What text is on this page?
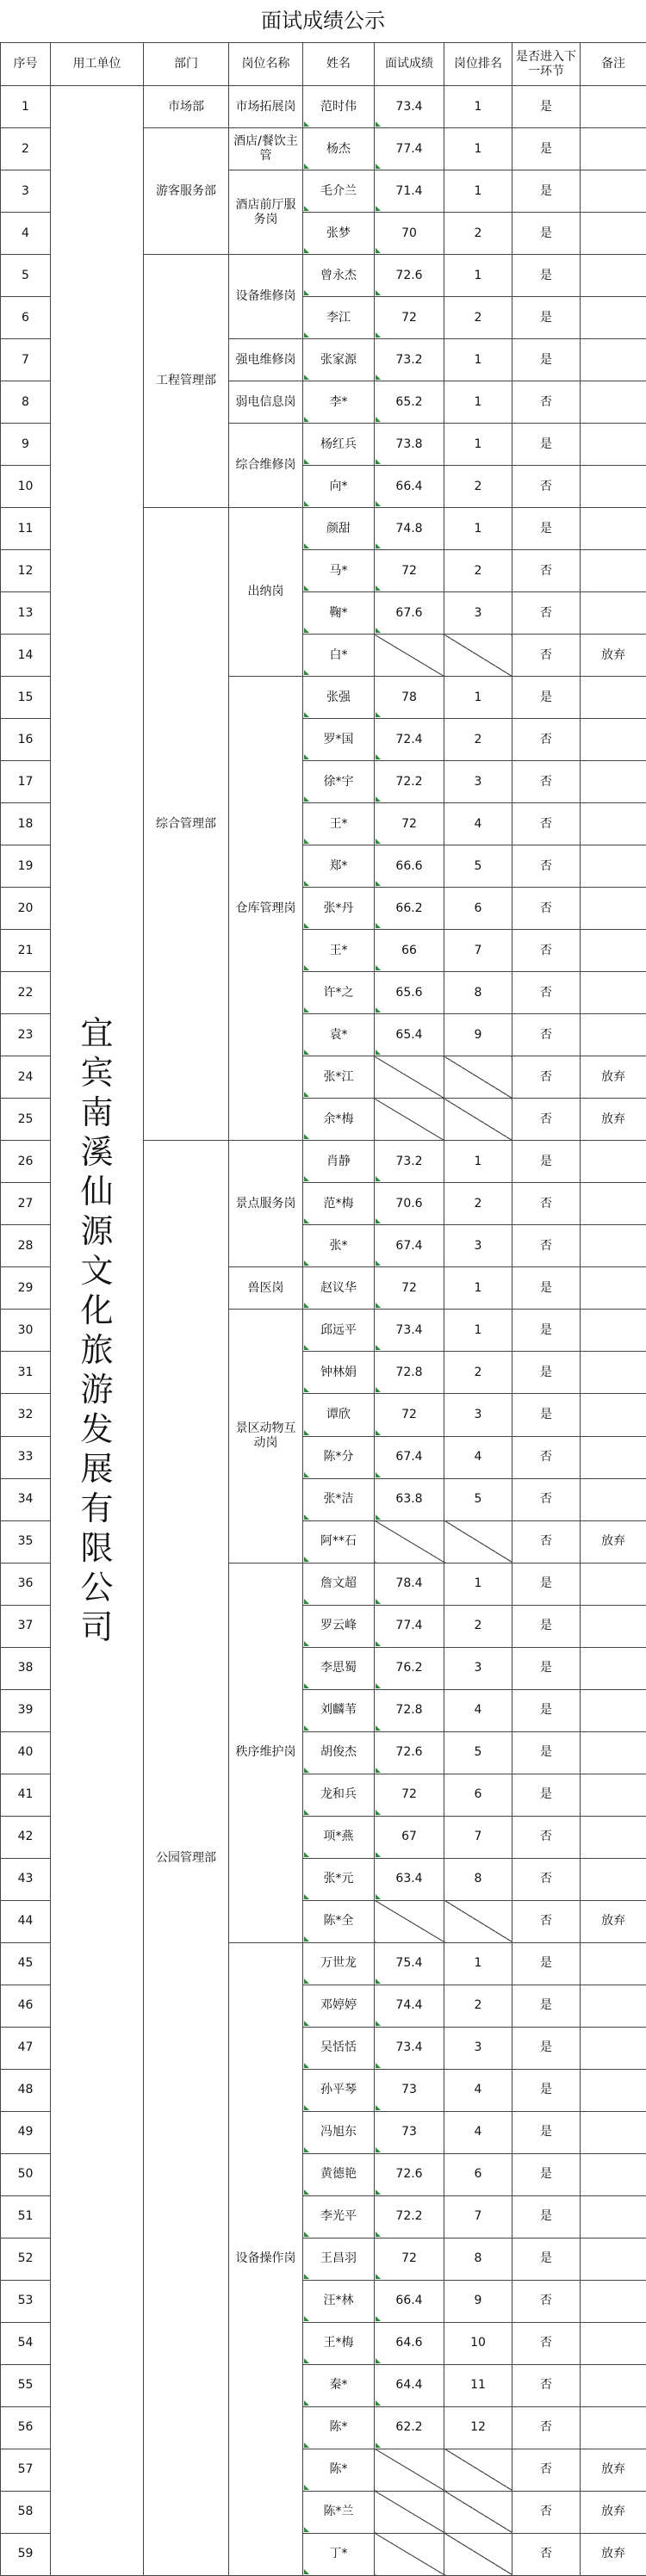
面试成绩公示
序号	用工单位	部门	岗位名称	姓名	面试成绩	岗位排名	是否进入下一环节	备注
1	宜宾南溪仙源文化旅游发展有限公司	市场部	市场拓展岗	范时伟	73.4	1	是	
2		游客服务部	酒店/餐饮主管	杨杰	77.4	1	是	
3			酒店前厅服务岗	毛介兰	71.4	1	是	
4				张梦	70	2	是	
5		工程管理部	设备维修岗	曾永杰	72.6	1	是	
6				李江	72	2	是	
7			强电维修岗	张家源	73.2	1	是	
8			弱电信息岗	李*	65.2	1	否	
9			综合维修岗	杨红兵	73.8	1	是	
10				向*	66.4	2	否	
11		综合管理部	出纳岗	颜甜	74.8	1	是	
12				马*	72	2	否	
13				鞠*	67.6	3	否	
14				白*			否	放弃
15			仓库管理岗	张强	78	1	是	
16				罗*国	72.4	2	否	
17				徐*宇	72.2	3	否	
18				王*	72	4	否	
19				郑*	66.6	5	否	
20				张*丹	66.2	6	否	
21				王*	66	7	否	
22				许*之	65.6	8	否	
23				袁*	65.4	9	否	
24				张*江			否	放弃
25				余*梅			否	放弃
26		公园管理部	景点服务岗	肖静	73.2	1	是	
27				范*梅	70.6	2	否	
28				张*	67.4	3	否	
29			兽医岗	赵议华	72	1	是	
30			景区动物互动岗	邱远平	73.4	1	是	
31				钟林娟	72.8	2	是	
32				谭欣	72	3	是	
33				陈*分	67.4	4	否	
34				张*洁	63.8	5	否	
35				阿**石			否	放弃
36			秩序维护岗	詹文超	78.4	1	是	
37				罗云峰	77.4	2	是	
38				李思蜀	76.2	3	是	
39				刘麟苇	72.8	4	是	
40				胡俊杰	72.6	5	是	
41				龙和兵	72	6	是	
42				项*燕	67	7	否	
43				张*元	63.4	8	否	
44				陈*全			否	放弃
45			设备操作岗	万世龙	75.4	1	是	
46				邓婷婷	74.4	2	是	
47				吴恬恬	73.4	3	是	
48				孙平琴	73	4	是	
49				冯旭东	73	4	是	
50				黄德艳	72.6	6	是	
51				李光平	72.2	7	是	
52				王昌羽	72	8	是	
53				汪*林	66.4	9	否	
54				王*梅	64.6	10	否	
55				秦*	64.4	11	否	
56				陈*	62.2	12	否	
57				陈*			否	放弃
58				陈*兰			否	放弃
59				丁*			否	放弃
